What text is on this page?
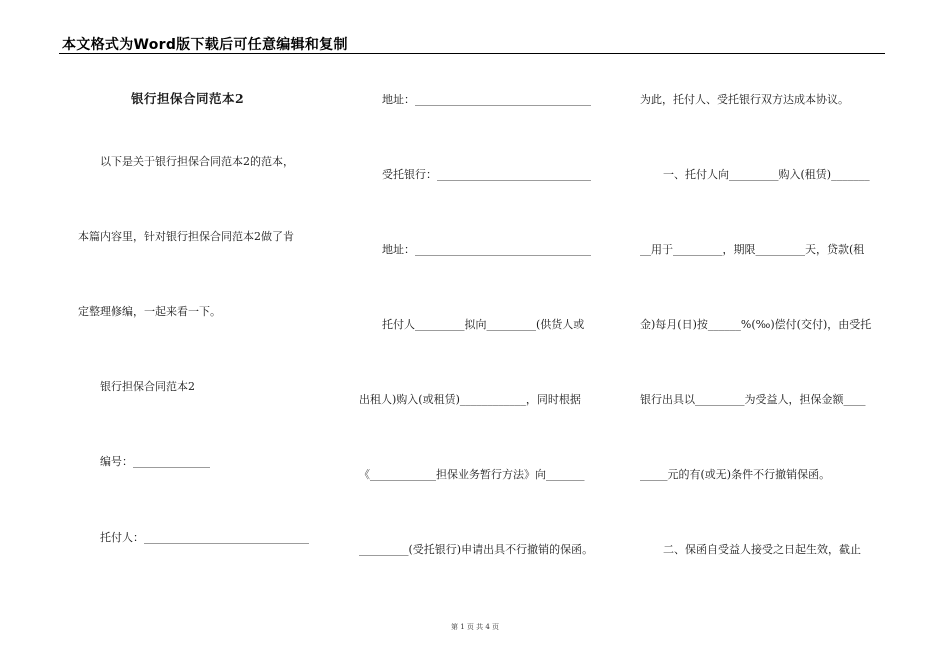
本文格式为Word版下载后可任意编辑和复制
银行担保合同范本2
以下是关于银行担保合同范本2的范本，
本篇内容里，针对银行担保合同范本2做了肯
定整理修编，一起来看一下。
银行担保合同范本2
编号：______________
托付人：______________________________
地址：________________________________
受托银行：____________________________
地址：________________________________
托付人_________拟向_________(供货人或
出租人)购入(或租赁)____________，同时根据
《____________担保业务暂行方法》向_______
_________(受托银行)申请出具不行撤销的保函。
为此，托付人、受托银行双方达成本协议。
一、托付人向_________购入(租赁)_______
__用于_________，期限_________天，贷款(租
金)每月(日)按______%(‰)偿付(交付)，由受托
银行出具以_________为受益人，担保金额____
_____元的有(或无)条件不行撤销保函。
二、保函自受益人接受之日起生效，截止
第 1 页 共 4 页
